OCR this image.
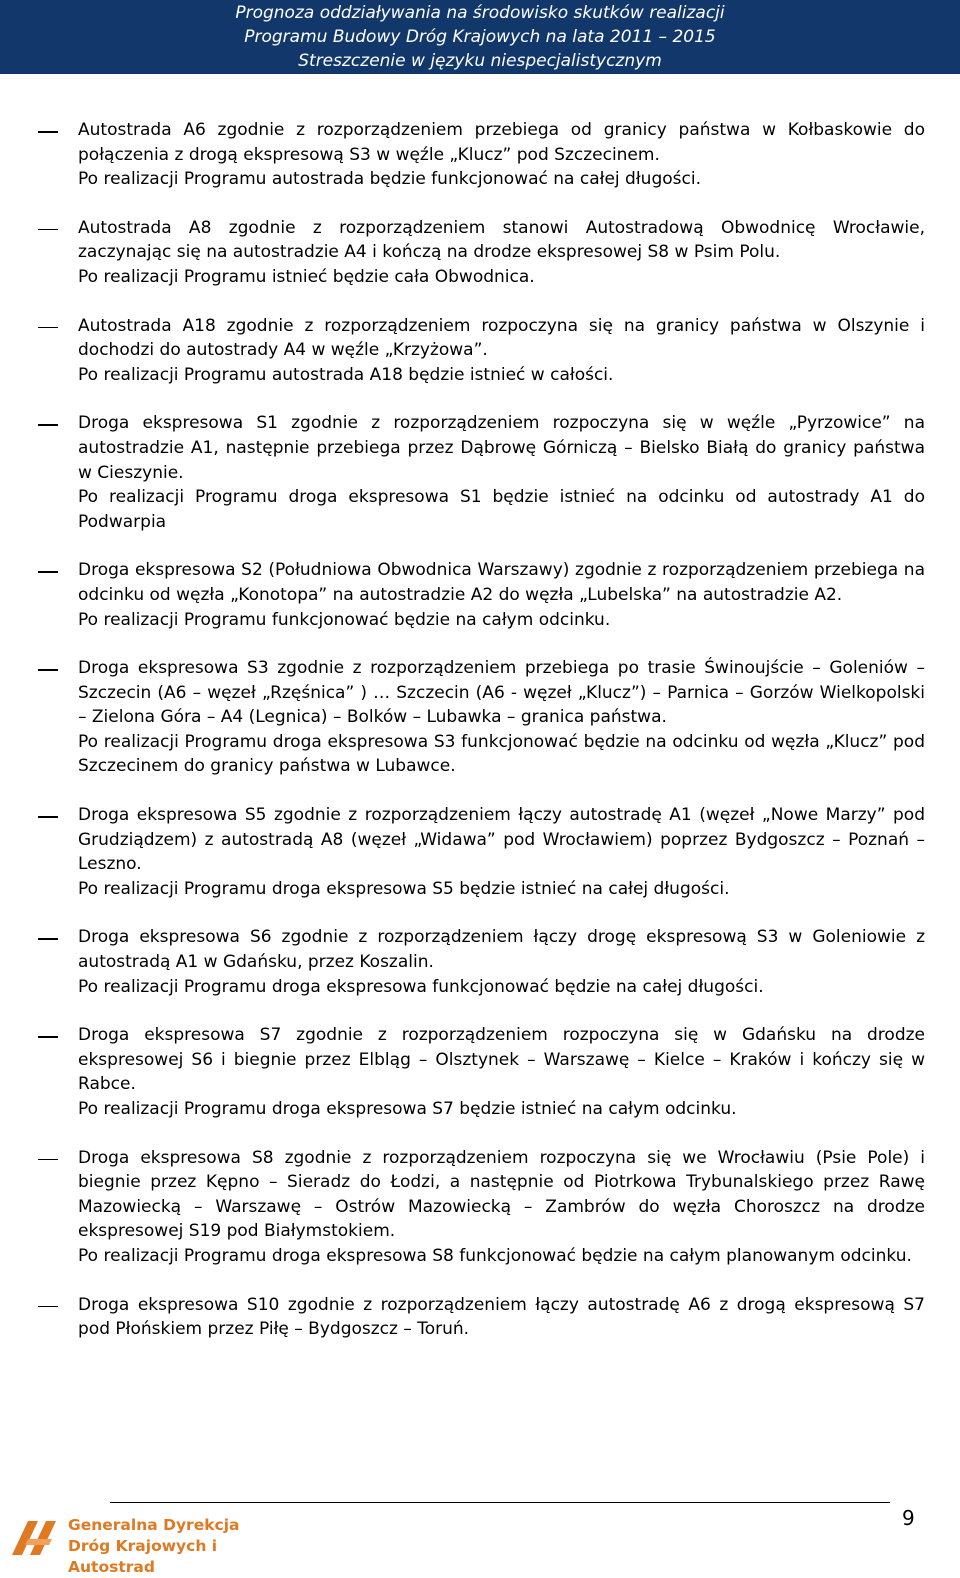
Prognoza oddziaływania na środowisko skutków realizacji
Programu Budowy Dróg Krajowych na lata 2011 – 2015
Streszczenie w języku niespecjalistycznym
Autostrada A6 zgodnie z rozporządzeniem przebiega od granicy państwa w Kołbaskowie do połączenia z drogą ekspresową S3 w węźle „Klucz” pod Szczecinem.
Po realizacji Programu autostrada będzie funkcjonować na całej długości.
Autostrada A8 zgodnie z rozporządzeniem stanowi Autostradową Obwodnicę Wrocławie, zaczynając się na autostradzie A4 i kończą na drodze ekspresowej S8 w Psim Polu.
Po realizacji Programu istnieć będzie cała Obwodnica.
Autostrada A18 zgodnie z rozporządzeniem rozpoczyna się na granicy państwa w Olszynie i dochodzi do autostrady A4 w węźle „Krzyżowa”.
Po realizacji Programu autostrada A18 będzie istnieć w całości.
Droga ekspresowa S1 zgodnie z rozporządzeniem rozpoczyna się w węźle „Pyrzowice” na autostradzie A1, następnie przebiega przez Dąbrowę Górniczą – Bielsko Białą do granicy państwa w Cieszynie.
Po realizacji Programu droga ekspresowa S1 będzie istnieć na odcinku od autostrady A1 do Podwarpia
Droga ekspresowa S2 (Południowa Obwodnica Warszawy) zgodnie z rozporządzeniem przebiega na odcinku od węzła „Konotopa” na autostradzie A2 do węzła „Lubelska” na autostradzie A2.
Po realizacji Programu funkcjonować będzie na całym odcinku.
Droga ekspresowa S3 zgodnie z rozporządzeniem przebiega po trasie Świnoujście – Goleniów – Szczecin (A6 – węzeł „Rzęśnica” ) … Szczecin (A6 - węzeł „Klucz”) – Parnica – Gorzów Wielkopolski – Zielona Góra – A4 (Legnica) – Bolków – Lubawka – granica państwa.
Po realizacji Programu droga ekspresowa S3 funkcjonować będzie na odcinku od węzła „Klucz” pod Szczecinem do granicy państwa w Lubawce.
Droga ekspresowa S5 zgodnie z rozporządzeniem łączy autostradę A1 (węzeł „Nowe Marzy” pod Grudziądzem) z autostradą A8 (węzeł „Widawa” pod Wrocławiem) poprzez Bydgoszcz – Poznań – Leszno.
Po realizacji Programu droga ekspresowa S5 będzie istnieć na całej długości.
Droga ekspresowa S6 zgodnie z rozporządzeniem łączy drogę ekspresową S3 w Goleniowie z autostradą A1 w Gdańsku, przez Koszalin.
Po realizacji Programu droga ekspresowa funkcjonować będzie na całej długości.
Droga ekspresowa S7 zgodnie z rozporządzeniem rozpoczyna się w Gdańsku na drodze ekspresowej S6 i biegnie przez Elbląg – Olsztynek – Warszawę – Kielce – Kraków i kończy się w Rabce.
Po realizacji Programu droga ekspresowa S7 będzie istnieć na całym odcinku.
Droga ekspresowa S8 zgodnie z rozporządzeniem rozpoczyna się we Wrocławiu (Psie Pole) i biegnie przez Kępno – Sieradz do Łodzi, a następnie od Piotrkowa Trybunalskiego przez Rawę Mazowiecką – Warszawę – Ostrów Mazowiecką – Zambrów do węzła Choroszcz na drodze ekspresowej S19 pod Białymstokiem.
Po realizacji Programu droga ekspresowa S8 funkcjonować będzie na całym planowanym odcinku.
Droga ekspresowa S10 zgodnie z rozporządzeniem łączy autostradę A6 z drogą ekspresową S7 pod Płońskiem przez Piłę – Bydgoszcz – Toruń.
9
Generalna Dyrekcja
Dróg Krajowych i Autostrad
